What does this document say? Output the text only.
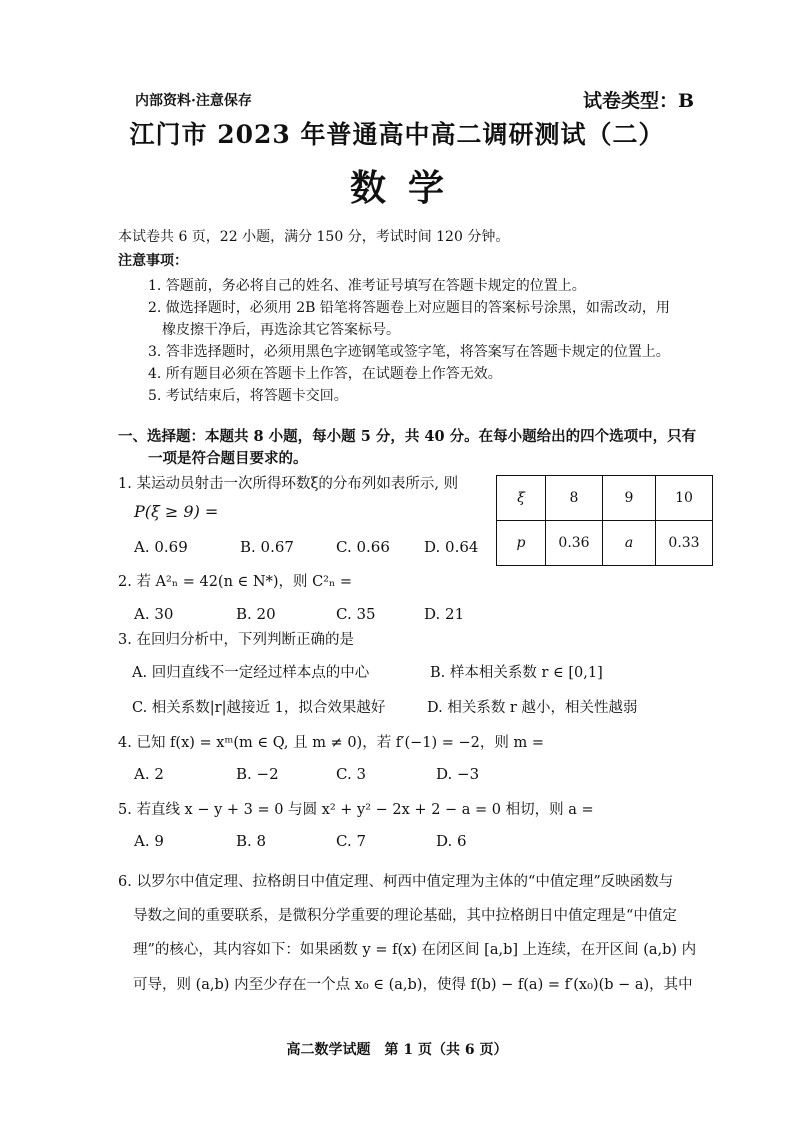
内部资料·注意保存	试卷类型：B
江门市 2023 年普通高中高二调研测试（二）
数学
本试卷共 6 页，22 小题，满分 150 分，考试时间 120 分钟。
注意事项：
1. 答题前，务必将自己的姓名、准考证号填写在答题卡规定的位置上。
2. 做选择题时，必须用 2B 铅笔将答题卷上对应题目的答案标号涂黑，如需改动，用
橡皮擦干净后，再选涂其它答案标号。
3. 答非选择题时，必须用黑色字迹钢笔或签字笔，将答案写在答题卡规定的位置上。
4. 所有题目必须在答题卡上作答，在试题卷上作答无效。
5. 考试结束后，将答题卡交回。
一、选择题：本题共 8 小题，每小题 5 分，共 40 分。在每小题给出的四个选项中，只有
一项是符合题目要求的。
1. 某运动员射击一次所得环数ξ的分布列如表所示, 则
P(ξ ≥ 9) =
A. 0.69	B. 0.67	C. 0.66 D. 0.64
ξ	8	9	10
p	0.36	a	0.33
2. 若 A²ₙ = 42(n ∈ N*)，则 C²ₙ =
A. 30	B. 20	C. 35	D. 21
3. 在回归分析中，下列判断正确的是
A. 回归直线不一定经过样本点的中心	B. 样本相关系数 r ∈ [0,1]
C. 相关系数|r|越接近 1，拟合效果越好	D. 相关系数 r 越小，相关性越弱
4. 已知 f(x) = xᵐ(m ∈ Q, 且 m ≠ 0)，若 f′(−1) = −2，则 m =
A. 2	B. −2	C. 3	D. −3
5. 若直线 x − y + 3 = 0 与圆 x² + y² − 2x + 2 − a = 0 相切，则 a =
A. 9	B. 8	C. 7	D. 6
6. 以罗尔中值定理、拉格朗日中值定理、柯西中值定理为主体的“中值定理”反映函数与
导数之间的重要联系，是微积分学重要的理论基础，其中拉格朗日中值定理是“中值定
理”的核心，其内容如下：如果函数 y = f(x) 在闭区间 [a,b] 上连续，在开区间 (a,b) 内
可导，则 (a,b) 内至少存在一个点 x₀ ∈ (a,b)，使得 f(b) − f(a) = f′(x₀)(b − a)，其中
高二数学试题　第 1 页（共 6 页）
